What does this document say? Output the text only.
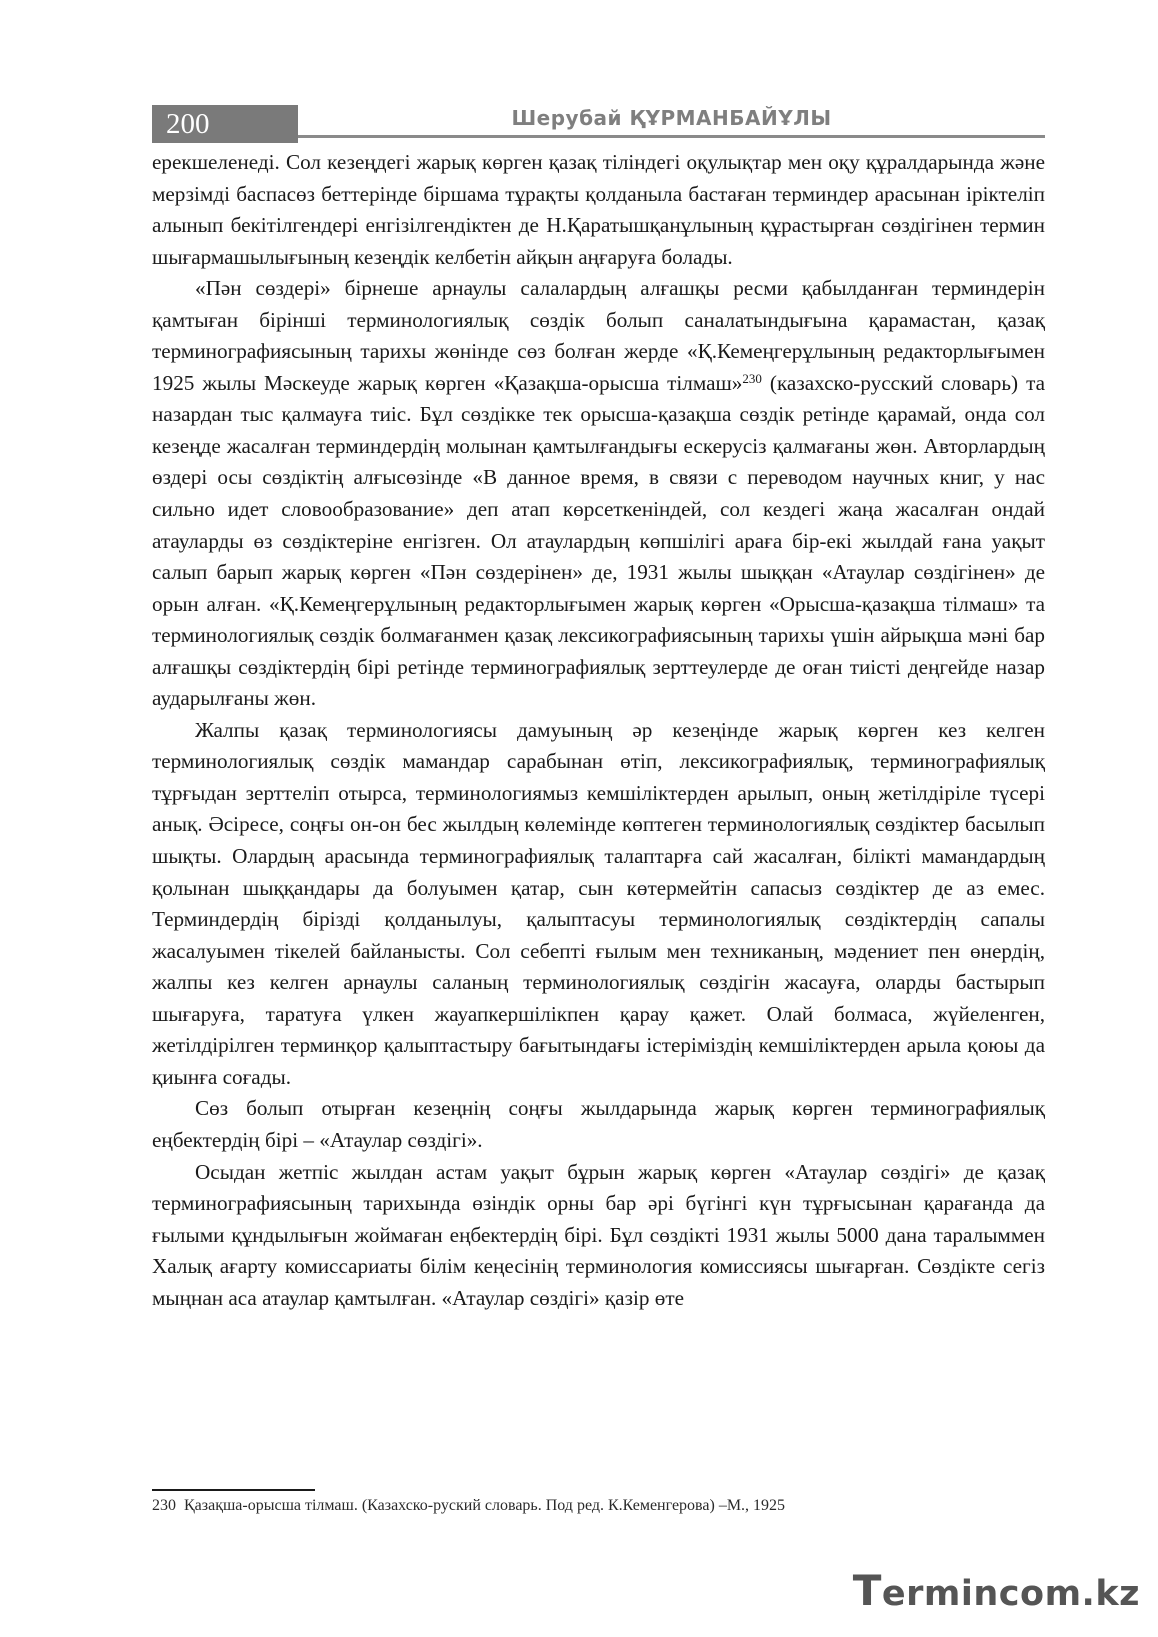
200	Шерубай ҚҰРМАНБАЙҰЛЫ

ерекшеленеді. Сол кезеңдегі жарық көрген қазақ тіліндегі оқулықтар мен оқу құралдарында және мерзімді баспасөз беттерінде біршама тұрақты қолданыла бастаған терминдер арасынан іріктеліп алынып бекітілгендері енгізілгендіктен де Н.Қаратышқанұлының құрастырған сөздігінен термин шығармашылығының кезеңдік келбетін айқын аңғаруға болады.

«Пән сөздері» бірнеше арнаулы салалардың алғашқы ресми қабылданған терминдерін қамтыған бірінші терминологиялық сөздік болып саналатындығына қарамастан, қазақ терминографиясының тарихы жөнінде сөз болған жерде «Қ.Кемеңгерұлының редакторлығымен 1925 жылы Мәскеуде жарық көрген «Қазақша-орысша тілмаш»$^{230}$ (казахско-русский словарь) та назардан тыс қалмауға тиіс. Бұл сөздікке тек орысша-қазақша сөздік ретінде қарамай, онда сол кезеңде жасалған терминдердің молынан қамтылғандығы ескерусіз қалмағаны жөн. Авторлардың өздері осы сөздіктің алғысөзінде «В данное время, в связи с переводом научных книг, у нас сильно идет словообразование» деп атап көрсеткеніндей, сол кездегі жаңа жасалған ондай атауларды өз сөздіктеріне енгізген. Ол атаулардың көпшілігі араға бір-екі жылдай ғана уақыт салып барып жарық көрген «Пән сөздерінен» де, 1931 жылы шыққан «Атаулар сөздігінен» де орын алған. «Қ.Кемеңгерұлының редакторлығымен жарық көрген «Орысша-қазақша тілмаш» та терминологиялық сөздік болмағанмен қазақ лексикографиясының тарихы үшін айрықша мәні бар алғашқы сөздіктердің бірі ретінде терминографиялық зерттеулерде де оған тиісті деңгейде назар аударылғаны жөн.

Жалпы қазақ терминологиясы дамуының әр кезеңінде жарық көрген кез келген терминологиялық сөздік мамандар сарабынан өтіп, лексикографиялық, терминографиялық тұрғыдан зерттеліп отырса, терминологиямыз кемшіліктерден арылып, оның жетілдіріле түсері анық. Әсіресе, соңғы он-он бес жылдың көлемінде көптеген терминологиялық сөздіктер басылып шықты. Олардың арасында терминографиялық талаптарға сай жасалған, білікті мамандардың қолынан шыққандары да болуымен қатар, сын көтермейтін сапасыз сөздіктер де аз емес. Терминдердің бірізді қолданылуы, қалыптасуы терминологиялық сөздіктердің сапалы жасалуымен тікелей байланысты. Сол себепті ғылым мен техниканың, мәдениет пен өнердің, жалпы кез келген арнаулы саланың терминологиялық сөздігін жасауға, оларды бастырып шығаруға, таратуға үлкен жауапкершілікпен қарау қажет. Олай болмаса, жүйеленген, жетілдірілген терминқор қалыптастыру бағытындағы істеріміздің кемшіліктерден арыла қоюы да қиынға соғады.

Сөз болып отырған кезеңнің соңғы жылдарында жарық көрген терминографиялық еңбектердің бірі – «Атаулар сөздігі».

Осыдан жетпіс жылдан астам уақыт бұрын жарық көрген «Атаулар сөздігі» де қазақ терминографиясының тарихында өзіндік орны бар әрі бүгінгі күн тұрғысынан қарағанда да ғылыми құндылығын жоймаған еңбектердің бірі. Бұл сөздікті 1931 жылы 5000 дана таралыммен Халық ағарту комиссариаты білім кеңесінің терминология комиссиясы шығарған. Сөздікте сегіз мыңнан аса атаулар қамтылған. «Атаулар сөздігі» қазір өте

230 Қазақша-орысша тілмаш. (Казахско-руский словарь. Под ред. К.Кеменгерова) –М., 1925
Termincom.kz
